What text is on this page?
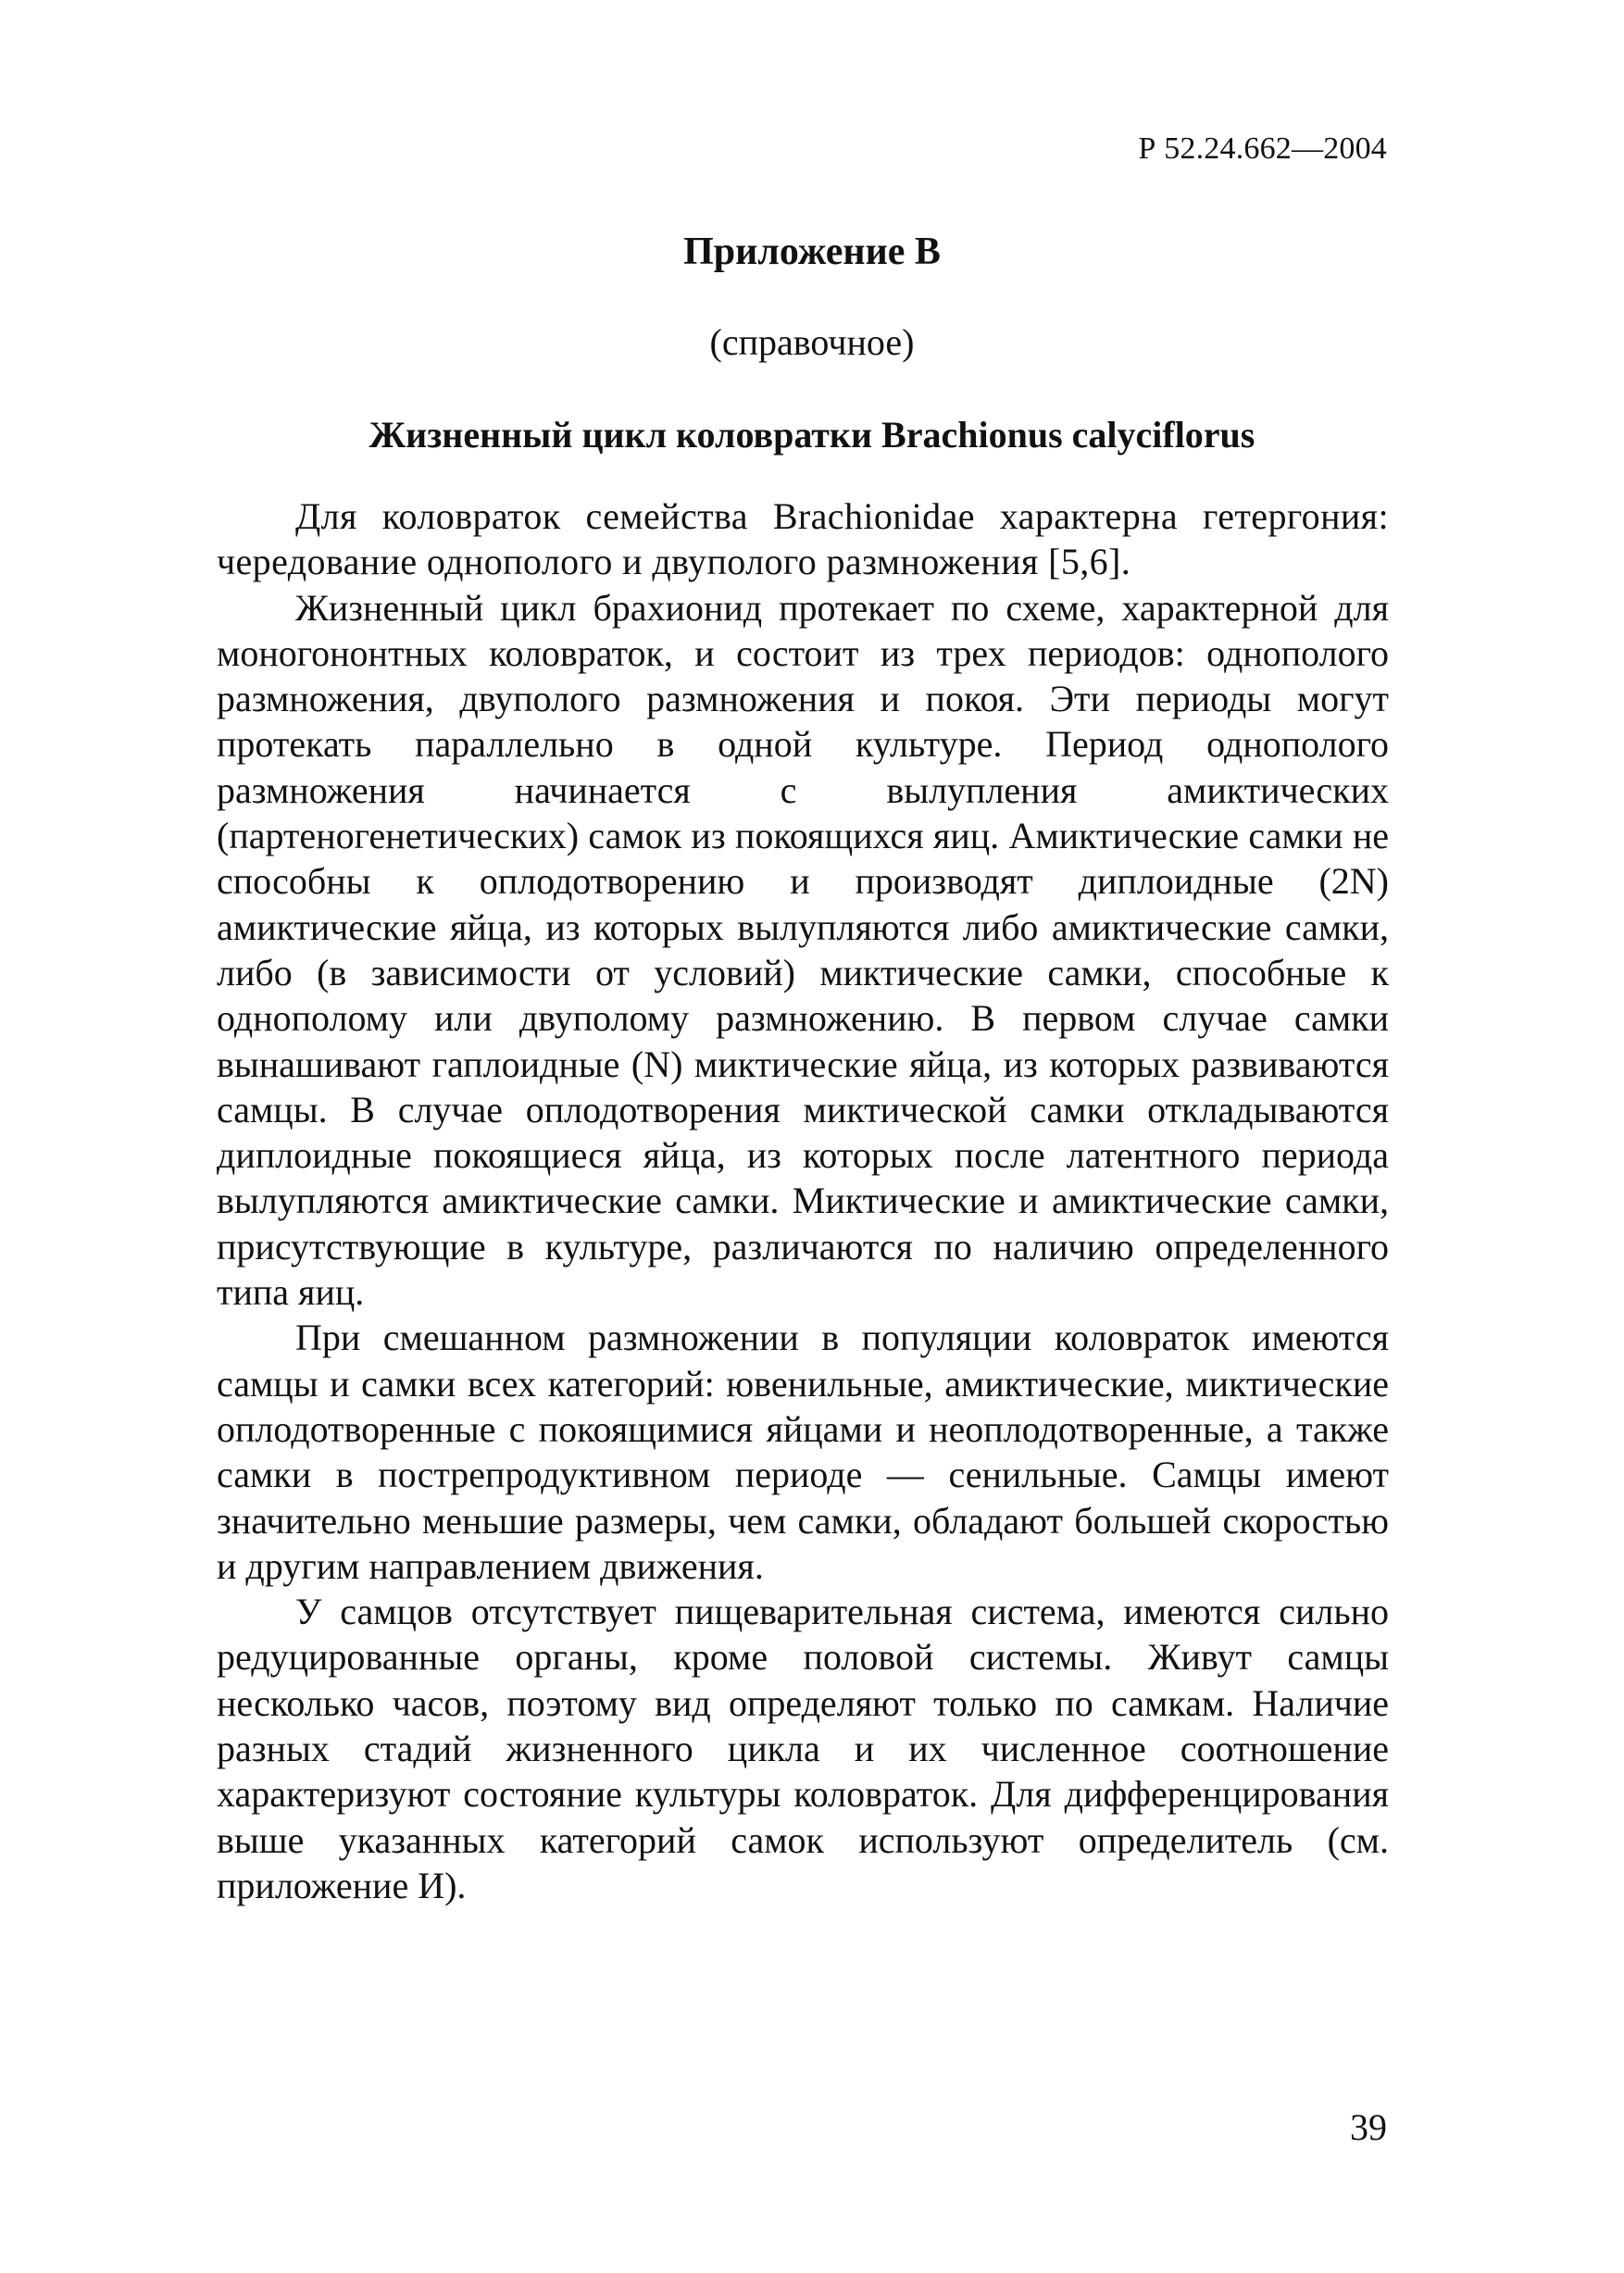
Р 52.24.662—2004
Приложение В
(справочное)
Жизненный цикл коловратки Brachionus calyciflorus

Для коловраток семейства Brachionidae характерна гетергония: чередование однополого и двуполого размножения [5,6].

Жизненный цикл брахионид протекает по схеме, характерной для моногононтных коловраток, и состоит из трех периодов: однополого размножения, двуполого размножения и покоя. Эти периоды могут протекать параллельно в одной культуре. Период однополого размножения начинается с вылупления амиктических (партеногенетических) самок из покоящихся яиц. Амиктические самки не способны к оплодотворению и производят диплоидные (2N) амиктические яйца, из которых вылупляются либо амиктические самки, либо (в зависимости от условий) миктические самки, способные к однополому или двуполому размножению. В первом случае самки вынашивают гаплоидные (N) миктические яйца, из которых развиваются самцы. В случае оплодотворения миктической самки откладываются диплоидные покоящиеся яйца, из которых после латентного периода вылупляются амиктические самки. Миктические и амиктические самки, присутствующие в культуре, различаются по наличию определенного типа яиц.

При смешанном размножении в популяции коловраток имеются самцы и самки всех категорий: ювенильные, амиктические, миктические оплодотворенные с покоящимися яйцами и неоплодотворенные, а также самки в пострепродуктивном периоде — сенильные. Самцы имеют значительно меньшие размеры, чем самки, обладают большей скоростью и другим направлением движения.

У самцов отсутствует пищеварительная система, имеются сильно редуцированные органы, кроме половой системы. Живут самцы несколько часов, поэтому вид определяют только по самкам. Наличие разных стадий жизненного цикла и их численное соотношение характеризуют состояние культуры коловраток. Для дифференцирования выше указанных категорий самок используют определитель (см. приложение И).

39
